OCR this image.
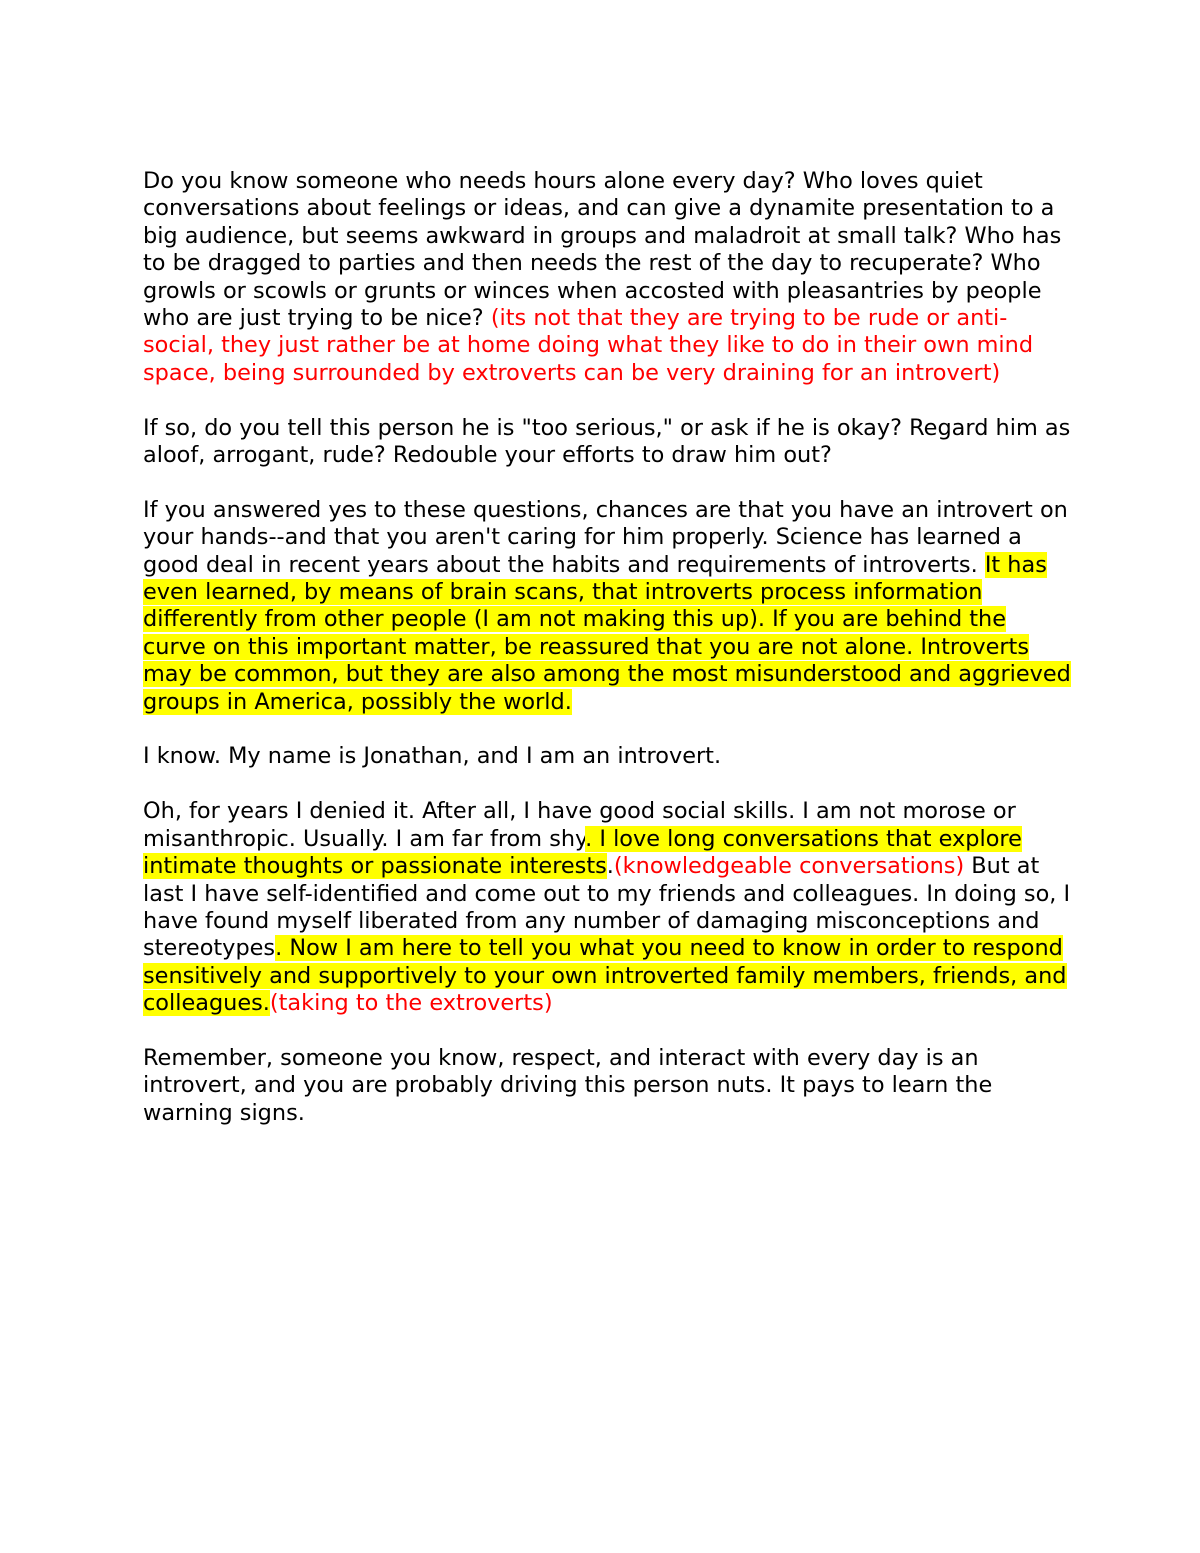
Do you know someone who needs hours alone every day? Who loves quiet conversations about feelings or ideas, and can give a dynamite presentation to a big audience, but seems awkward in groups and maladroit at small talk? Who has to be dragged to parties and then needs the rest of the day to recuperate? Who growls or scowls or grunts or winces when accosted with pleasantries by people who are just trying to be nice? (its not that they are trying to be rude or anti-social, they just rather be at home doing what they like to do in their own mind space, being surrounded by extroverts can be very draining for an introvert)

If so, do you tell this person he is "too serious," or ask if he is okay? Regard him as aloof, arrogant, rude? Redouble your efforts to draw him out?

If you answered yes to these questions, chances are that you have an introvert on your hands--and that you aren't caring for him properly. Science has learned a good deal in recent years about the habits and requirements of introverts. It has even learned, by means of brain scans, that introverts process information differently from other people (I am not making this up). If you are behind the curve on this important matter, be reassured that you are not alone. Introverts may be common, but they are also among the most misunderstood and aggrieved groups in America, possibly the world.

I know. My name is Jonathan, and I am an introvert.

Oh, for years I denied it. After all, I have good social skills. I am not morose or misanthropic. Usually. I am far from shy. I love long conversations that explore intimate thoughts or passionate interests.(knowledgeable conversations) But at last I have self-identified and come out to my friends and colleagues. In doing so, I have found myself liberated from any number of damaging misconceptions and stereotypes. Now I am here to tell you what you need to know in order to respond sensitively and supportively to your own introverted family members, friends, and colleagues.(taking to the extroverts)

Remember, someone you know, respect, and interact with every day is an introvert, and you are probably driving this person nuts. It pays to learn the warning signs.
